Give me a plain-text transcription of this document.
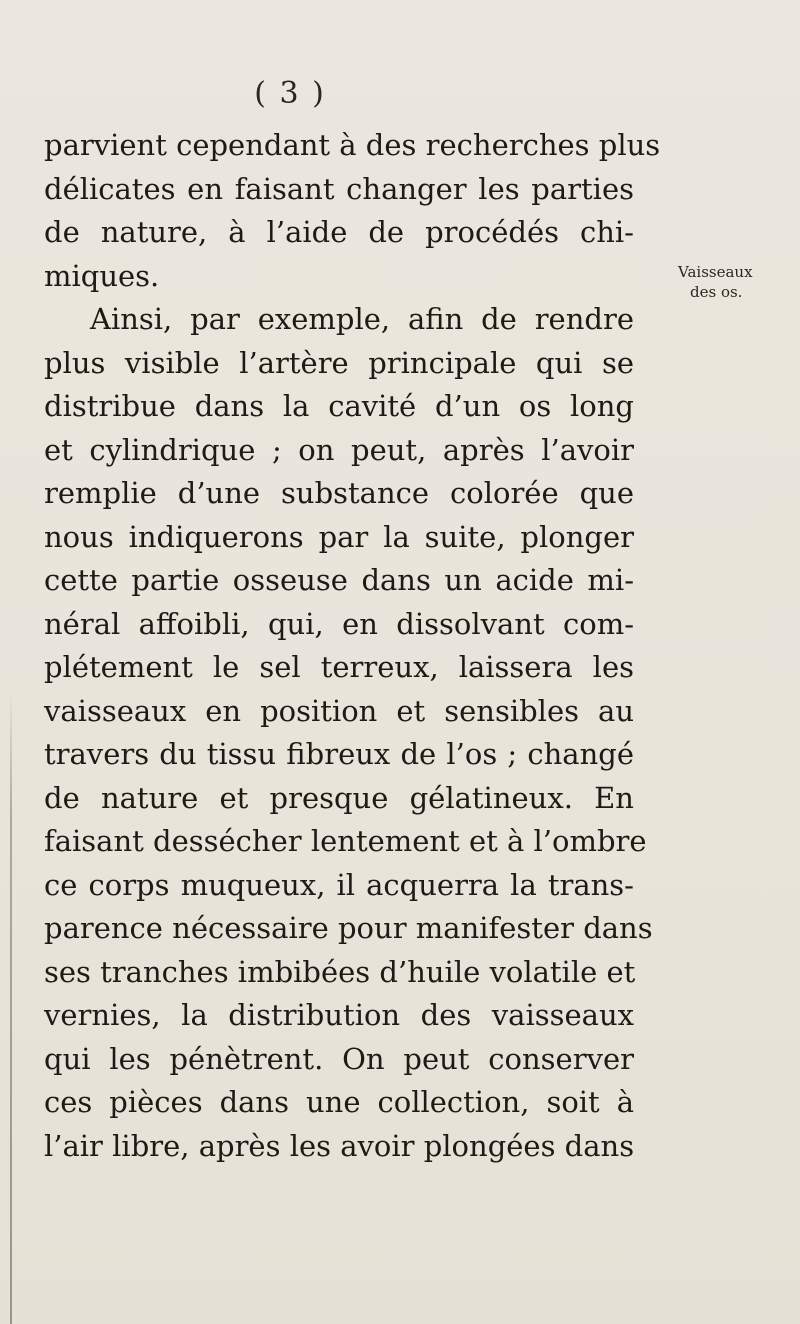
( 3 )
parvient cependant à des recherches plus
délicates en faisant changer les parties
de nature, à l’aide de procédés chi-
miques.
Ainsi, par exemple, afin de rendre
plus visible l’artère principale qui se
distribue dans la cavité d’un os long
et cylindrique ; on peut, après l’avoir
remplie d’une substance colorée que
nous indiquerons par la suite, plonger
cette partie osseuse dans un acide mi-
néral affoibli, qui, en dissolvant com-
plétement le sel terreux, laissera les
vaisseaux en position et sensibles au
travers du tissu fibreux de l’os ; changé
de nature et presque gélatineux. En
faisant dessécher lentement et à l’ombre
ce corps muqueux, il acquerra la trans-
parence nécessaire pour manifester dans
ses tranches imbibées d’huile volatile et
vernies, la distribution des vaisseaux
qui les pénètrent. On peut conserver
ces pièces dans une collection, soit à
l’air libre, après les avoir plongées dans
Vaisseaux
des os.
